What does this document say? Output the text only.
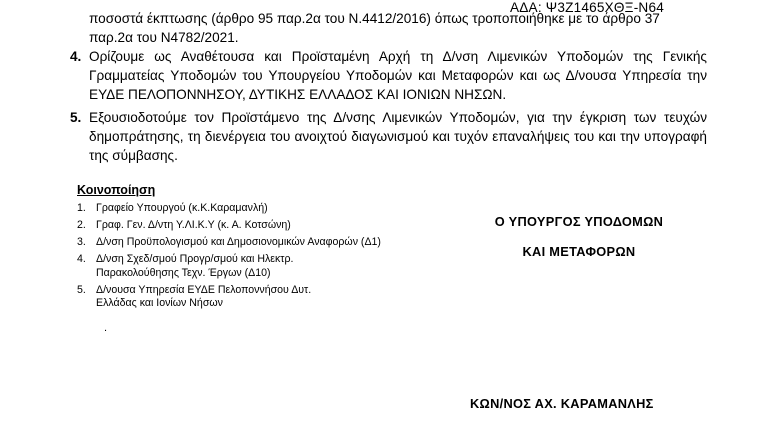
ΑΔΑ: Ψ3Ζ1465ΧΘΞ-Ν64
ποσοστά έκπτωσης (άρθρο 95 παρ.2α του Ν.4412/2016) όπως τροποποιήθηκε με το άρθρο 37
παρ.2α του Ν4782/2021.
4. Ορίζουμε ως Αναθέτουσα και Προϊσταμένη Αρχή τη Δ/νση Λιμενικών Υποδομών της Γενικής Γραμματείας Υποδομών του Υπουργείου Υποδομών και Μεταφορών και ως Δ/νουσα Υπηρεσία την ΕΥΔΕ ΠΕΛΟΠΟΝΝΗΣΟΥ, ΔΥΤΙΚΗΣ ΕΛΛΑΔΟΣ ΚΑΙ ΙΟΝΙΩΝ ΝΗΣΩΝ.
5. Εξουσιοδοτούμε τον Προϊστάμενο της Δ/νσης Λιμενικών Υποδομών, για την έγκριση των τευχών δημοπράτησης, τη διενέργεια του ανοιχτού διαγωνισμού και τυχόν επαναλήψεις του και την υπογραφή της σύμβασης.
Κοινοποίηση
1. Γραφείο Υπουργού (κ.Κ.Καραμανλή)
2. Γραφ. Γεν. Δ/ντη Υ.ΛΙ.Κ.Υ (κ. Α. Κοτσώνη)
3. Δ/νση Προϋπολογισμού και Δημοσιονομικών Αναφορών (Δ1)
4. Δ/νση Σχεδ/σμού Προγρ/σμού και Ηλεκτρ. Παρακολούθησης Τεχν. Έργων (Δ10)
5. Δ/νουσα Υπηρεσία ΕΥΔΕ Πελοποννήσου Δυτ. Ελλάδας και Ιονίων Νήσων
.
Ο ΥΠΟΥΡΓΟΣ ΥΠΟΔΟΜΩΝ
ΚΑΙ ΜΕΤΑΦΟΡΩΝ
ΚΩΝ/ΝΟΣ ΑΧ. ΚΑΡΑΜΑΝΛΗΣ
